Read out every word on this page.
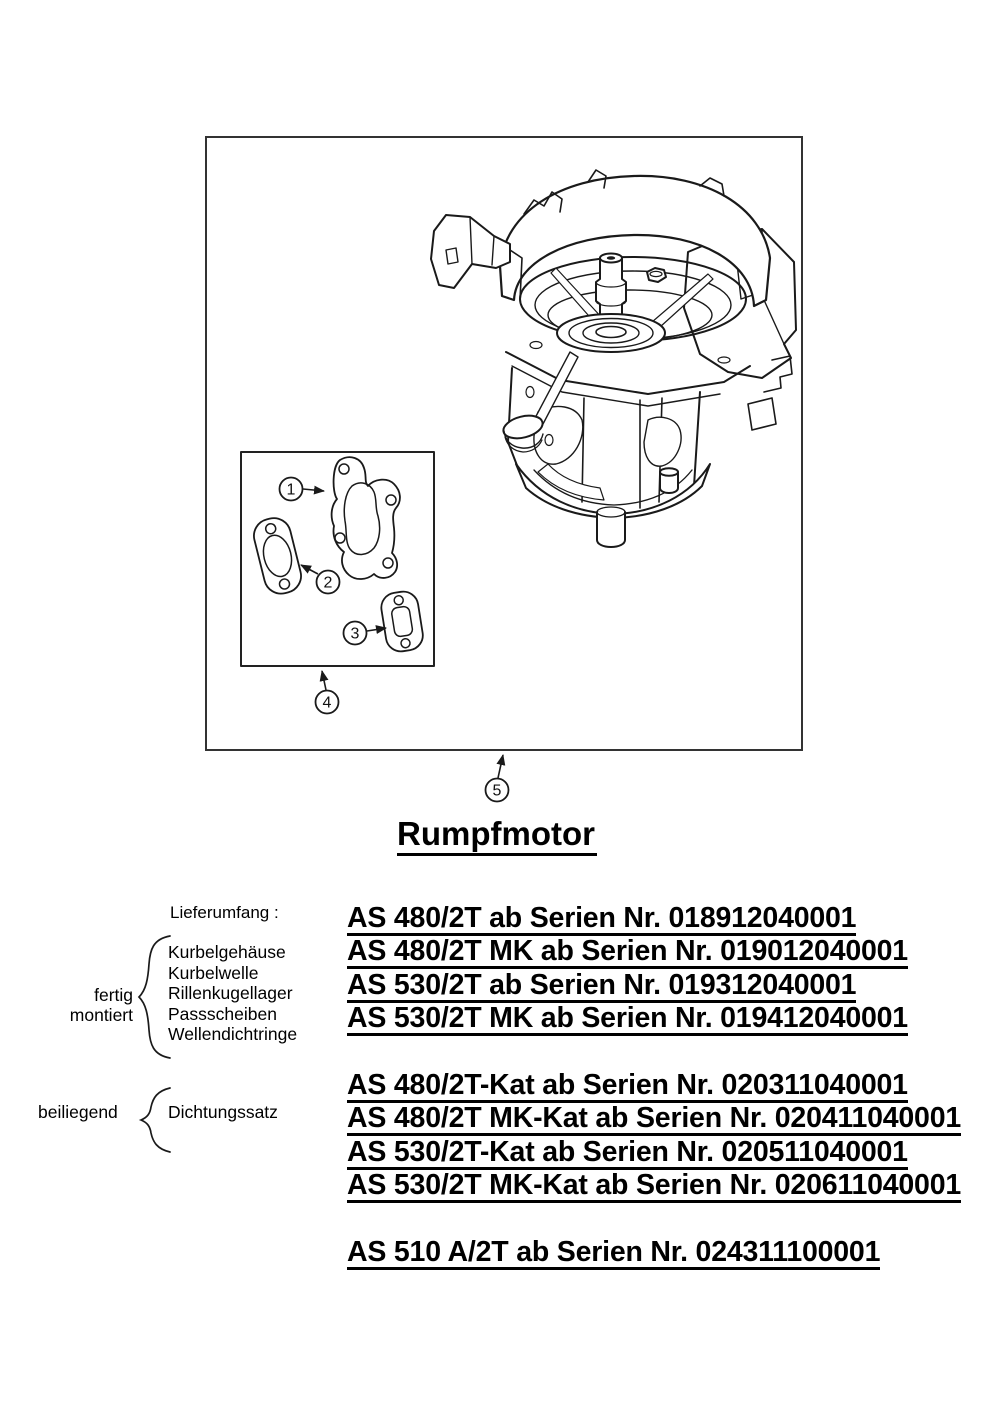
1
2
3
4
5
Rumpfmotor
Lieferumfang :
fertig montiert
Kurbelgehäuse
Kurbelwelle
Rillenkugellager
Passscheiben
Wellendichtringe
beiliegend	Dichtungssatz
AS 480/2T ab Serien Nr. 018912040001
AS 480/2T MK ab Serien Nr. 019012040001
AS 530/2T ab Serien Nr. 019312040001
AS 530/2T MK ab Serien Nr. 019412040001
AS 480/2T-Kat ab Serien Nr. 020311040001
AS 480/2T MK-Kat ab Serien Nr. 020411040001
AS 530/2T-Kat ab Serien Nr. 020511040001
AS 530/2T MK-Kat ab Serien Nr. 020611040001
AS 510 A/2T ab Serien Nr. 024311100001
